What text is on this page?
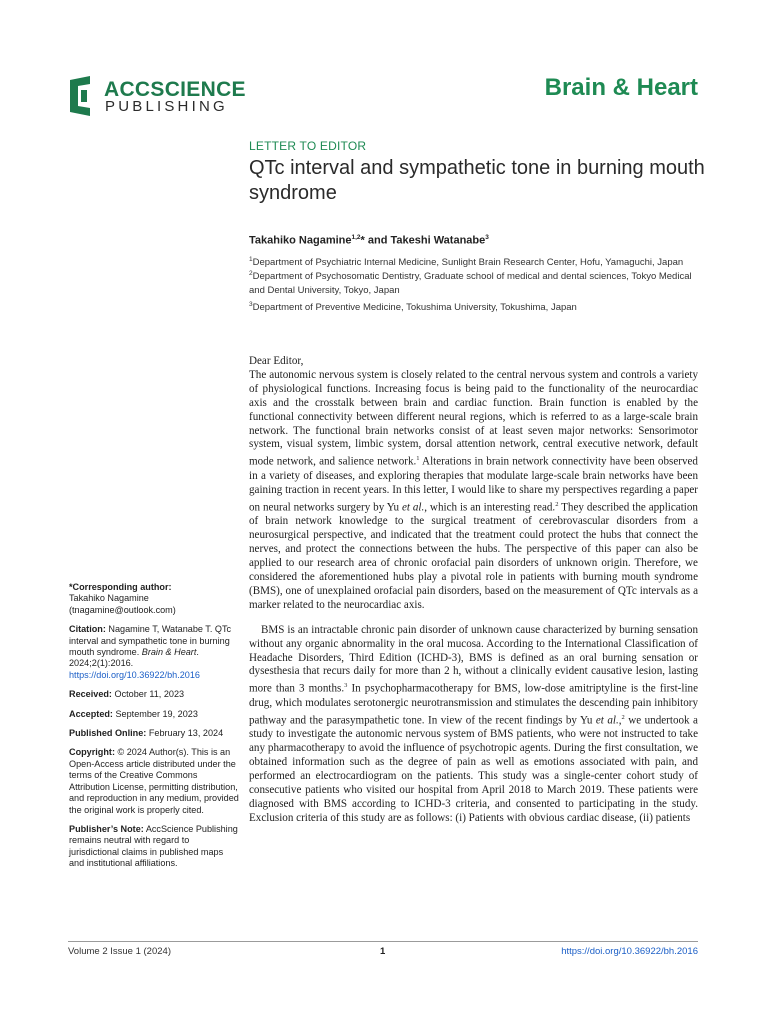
ACCSCIENCE
PUBLISHING
Brain & Heart
LETTER TO EDITOR
QTc interval and sympathetic tone in burning mouth syndrome
Takahiko Nagamine$^{1,2}$* and Takeshi Watanabe$^3$
$^1$Department of Psychiatric Internal Medicine, Sunlight Brain Research Center, Hofu, Yamaguchi, Japan
$^2$Department of Psychosomatic Dentistry, Graduate school of medical and dental sciences, Tokyo Medical and Dental University, Tokyo, Japan
$^3$Department of Preventive Medicine, Tokushima University, Tokushima, Japan

Dear Editor,

The autonomic nervous system is closely related to the central nervous system and controls a variety of physiological functions. Increasing focus is being paid to the functionality of the neurocardiac axis and the crosstalk between brain and cardiac function. Brain function is enabled by the functional connectivity between different neural regions, which is referred to as a large-scale brain network. The functional brain networks consist of at least seven major networks: Sensorimotor system, visual system, limbic system, dorsal attention network, central executive network, default mode network, and salience network.$^1$ Alterations in brain network connectivity have been observed in a variety of diseases, and exploring therapies that modulate large-scale brain networks have been gaining traction in recent years. In this letter, I would like to share my perspectives regarding a paper on neural networks surgery by Yu et al., which is an interesting read.$^2$ They described the application of brain network knowledge to the surgical treatment of cerebrovascular disorders from a neurosurgical perspective, and indicated that the treatment could protect the hubs that connect the nerves, and protect the connections between the hubs. The perspective of this paper can also be applied to our research area of chronic orofacial pain disorders of unknown origin. Therefore, we considered the aforementioned hubs play a pivotal role in patients with burning mouth syndrome (BMS), one of unexplained orofacial pain disorders, based on the measurement of QTc intervals as a marker related to the neurocardiac axis.

BMS is an intractable chronic pain disorder of unknown cause characterized by burning sensation without any organic abnormality in the oral mucosa. According to the International Classification of Headache Disorders, Third Edition (ICHD-3), BMS is defined as an oral burning sensation or dysesthesia that recurs daily for more than 2 h, without a clinically evident causative lesion, lasting more than 3 months.$^3$ In psychopharmacotherapy for BMS, low-dose amitriptyline is the first-line drug, which modulates serotonergic neurotransmission and stimulates the descending pain inhibitory pathway and the parasympathetic tone. In view of the recent findings by Yu et al.,$^2$ we undertook a study to investigate the autonomic nervous system of BMS patients, who were not instructed to take any pharmacotherapy to avoid the influence of psychotropic agents. During the first consultation, we obtained information such as the degree of pain as well as emotions associated with pain, and performed an electrocardiogram on the patients. This study was a single-center cohort study of consecutive patients who visited our hospital from April 2018 to March 2019. These patients were diagnosed with BMS according to ICHD-3 criteria, and consented to participating in the study. Exclusion criteria of this study are as follows: (i) Patients with obvious cardiac disease, (ii) patients

*Corresponding author:
Takahiko Nagamine
(tnagamine@outlook.com)
Citation: Nagamine T, Watanabe T. QTc interval and sympathetic tone in burning mouth syndrome. Brain & Heart. 2024;2(1):2016.
https://doi.org/10.36922/bh.2016
Received: October 11, 2023
Accepted: September 19, 2023
Published Online: February 13, 2024
Copyright: © 2024 Author(s). This is an Open-Access article distributed under the terms of the Creative Commons Attribution License, permitting distribution, and reproduction in any medium, provided the original work is properly cited.
Publisher’s Note: AccScience Publishing remains neutral with regard to jurisdictional claims in published maps and institutional affiliations.
Volume 2 Issue 1 (2024)	1	https://doi.org/10.36922/bh.2016
